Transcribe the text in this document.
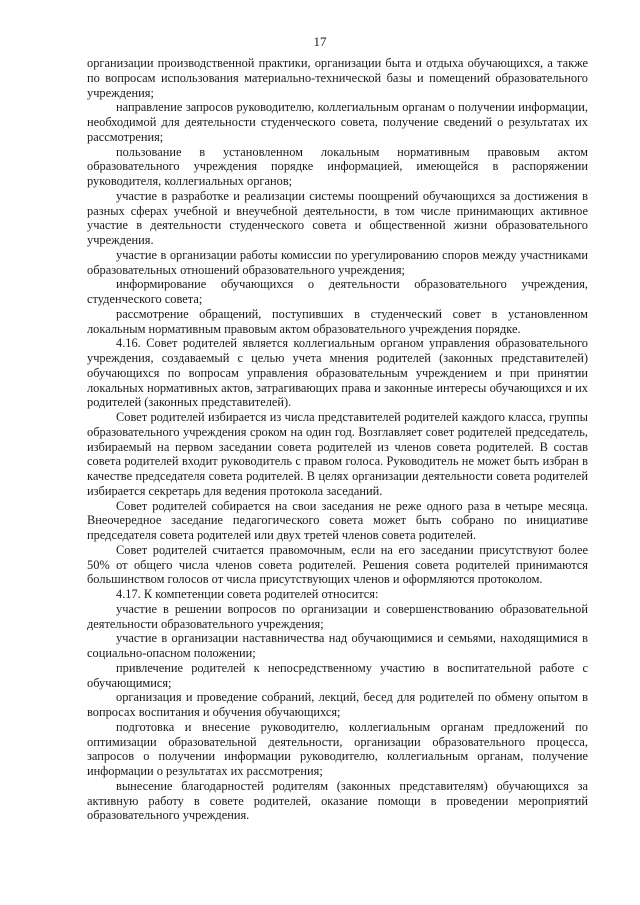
17

организации производственной практики, организации быта и отдыха обучающихся, а также по вопросам использования материально-технической базы и помещений образовательного учреждения;

направление запросов руководителю, коллегиальным органам о получении информации, необходимой для деятельности студенческого совета, получение сведений о результатах их рассмотрения;

пользование в установленном локальным нормативным правовым актом образовательного учреждения порядке информацией, имеющейся в распоряжении руководителя, коллегиальных органов;

участие в разработке и реализации системы поощрений обучающихся за достижения в разных сферах учебной и внеучебной деятельности, в том числе принимающих активное участие в деятельности студенческого совета и общественной жизни образовательного учреждения.

участие в организации работы комиссии по урегулированию споров между участниками образовательных отношений образовательного учреждения;

информирование обучающихся о деятельности образовательного учреждения, студенческого совета;

рассмотрение обращений, поступивших в студенческий совет в установленном локальным нормативным правовым актом образовательного учреждения порядке.

4.16. Совет родителей является коллегиальным органом управления образовательного учреждения, создаваемый с целью учета мнения родителей (законных представителей) обучающихся по вопросам управления образовательным учреждением и при принятии локальных нормативных актов, затрагивающих права и законные интересы обучающихся и их родителей (законных представителей).

Совет родителей избирается из числа представителей родителей каждого класса, группы образовательного учреждения сроком на один год. Возглавляет совет родителей председатель, избираемый на первом заседании совета родителей из членов совета родителей. В состав совета родителей входит руководитель с правом голоса. Руководитель не может быть избран в качестве председателя совета родителей. В целях организации деятельности совета родителей избирается секретарь для ведения протокола заседаний.

Совет родителей собирается на свои заседания не реже одного раза в четыре месяца. Внеочередное заседание педагогического совета может быть собрано по инициативе председателя совета родителей или двух третей членов совета родителей.

Совет родителей считается правомочным, если на его заседании присутствуют более 50% от общего числа членов совета родителей. Решения совета родителей принимаются большинством голосов от числа присутствующих членов и оформляются протоколом.

4.17. К компетенции совета родителей относится:

участие в решении вопросов по организации и совершенствованию образовательной деятельности образовательного учреждения;

участие в организации наставничества над обучающимися и семьями, находящимися в социально-опасном положении;

привлечение родителей к непосредственному участию в воспитательной работе с обучающимися;

организация и проведение собраний, лекций, бесед для родителей по обмену опытом в вопросах воспитания и обучения обучающихся;

подготовка и внесение руководителю, коллегиальным органам предложений по оптимизации образовательной деятельности, организации образовательного процесса, запросов о получении информации руководителю, коллегиальным органам, получение информации о результатах их рассмотрения;

вынесение благодарностей родителям (законных представителям) обучающихся за активную работу в совете родителей, оказание помощи в проведении мероприятий образовательного учреждения.
